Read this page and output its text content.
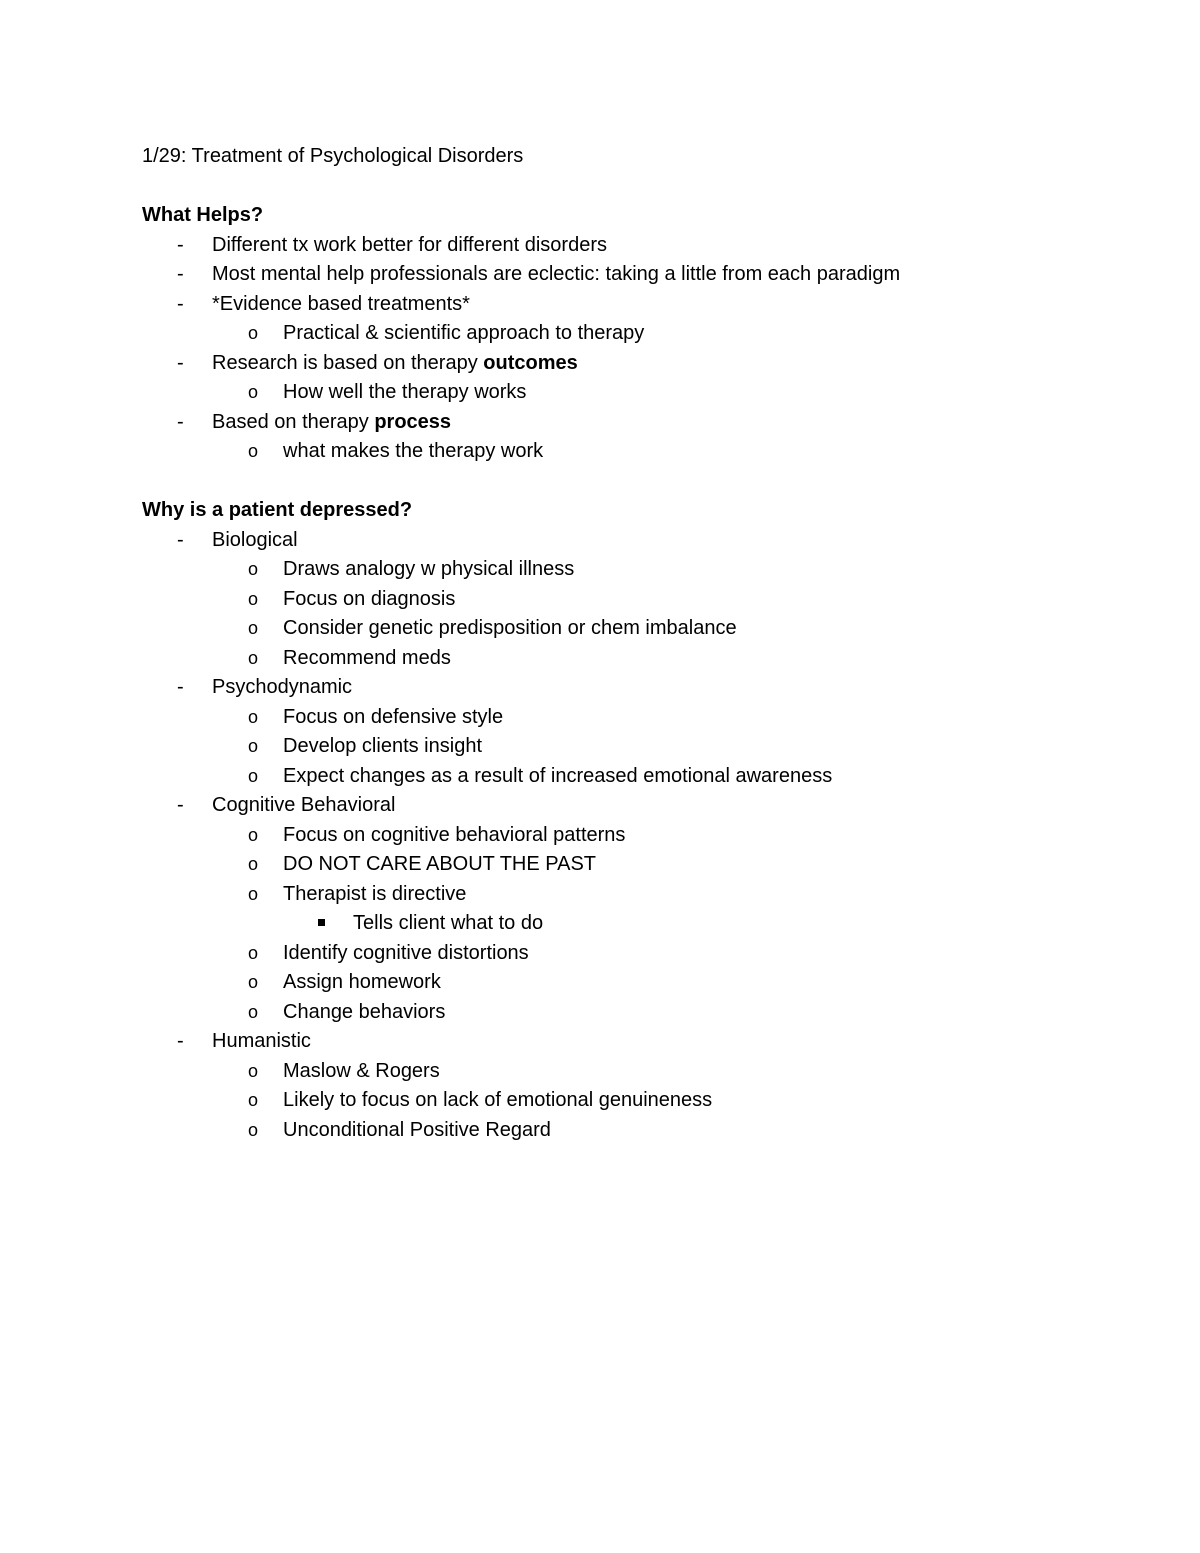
1/29: Treatment of Psychological Disorders
What Helps?
- Different tx work better for different disorders
- Most mental help professionals are eclectic: taking a little from each paradigm
- *Evidence based treatments*
o Practical & scientific approach to therapy
- Research is based on therapy outcomes
o How well the therapy works
- Based on therapy process
o what makes the therapy work
Why is a patient depressed?
- Biological
o Draws analogy w physical illness
o Focus on diagnosis
o Consider genetic predisposition or chem imbalance
o Recommend meds
- Psychodynamic
o Focus on defensive style
o Develop clients insight
o Expect changes as a result of increased emotional awareness
- Cognitive Behavioral
o Focus on cognitive behavioral patterns
o DO NOT CARE ABOUT THE PAST
o Therapist is directive
Tells client what to do
o Identify cognitive distortions
o Assign homework
o Change behaviors
- Humanistic
o Maslow & Rogers
o Likely to focus on lack of emotional genuineness
o Unconditional Positive Regard
